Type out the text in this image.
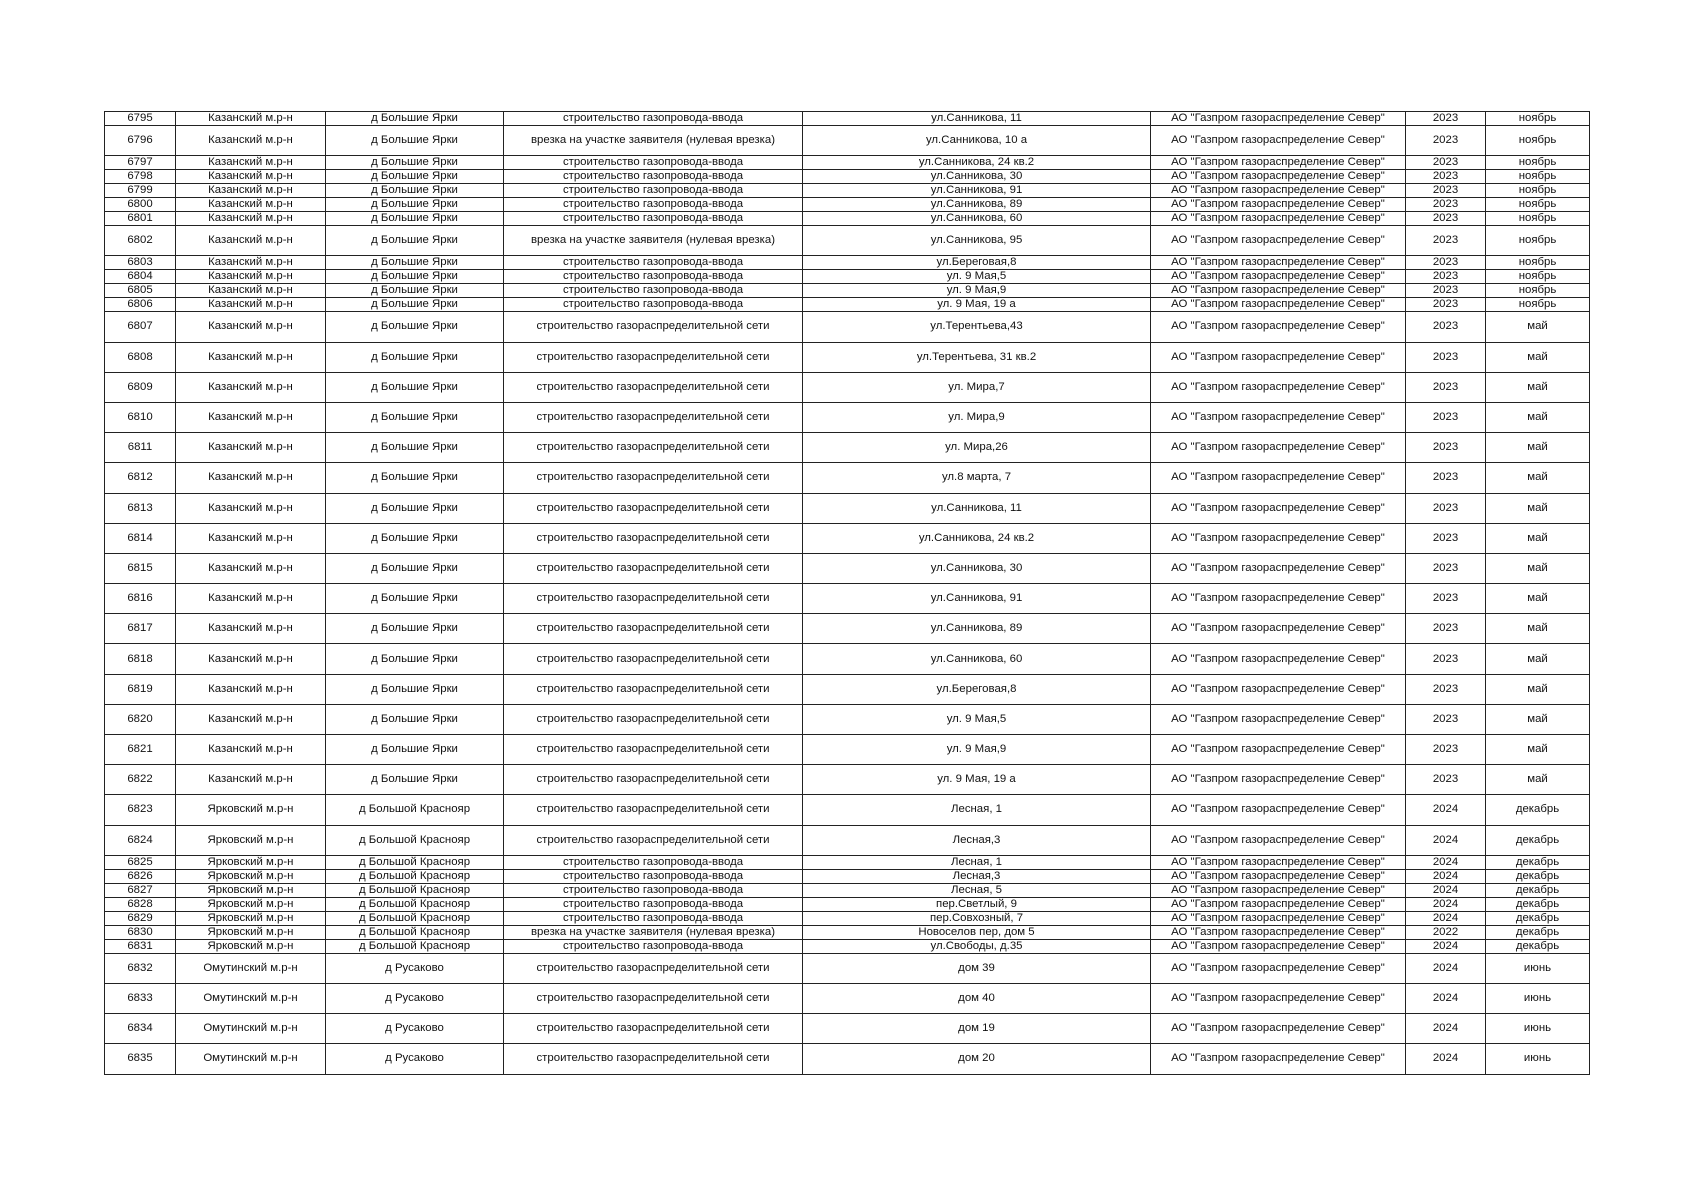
6795	Казанский м.р-н	д Большие Ярки	строительство газопровода-ввода	ул.Санникова, 11	АО "Газпром газораспределение Север"	2023	ноябрь
6796	Казанский м.р-н	д Большие Ярки	врезка на участке заявителя (нулевая врезка)	ул.Санникова, 10 а	АО "Газпром газораспределение Север"	2023	ноябрь
6797	Казанский м.р-н	д Большие Ярки	строительство газопровода-ввода	ул.Санникова, 24 кв.2	АО "Газпром газораспределение Север"	2023	ноябрь
6798	Казанский м.р-н	д Большие Ярки	строительство газопровода-ввода	ул.Санникова, 30	АО "Газпром газораспределение Север"	2023	ноябрь
6799	Казанский м.р-н	д Большие Ярки	строительство газопровода-ввода	ул.Санникова, 91	АО "Газпром газораспределение Север"	2023	ноябрь
6800	Казанский м.р-н	д Большие Ярки	строительство газопровода-ввода	ул.Санникова, 89	АО "Газпром газораспределение Север"	2023	ноябрь
6801	Казанский м.р-н	д Большие Ярки	строительство газопровода-ввода	ул.Санникова, 60	АО "Газпром газораспределение Север"	2023	ноябрь
6802	Казанский м.р-н	д Большие Ярки	врезка на участке заявителя (нулевая врезка)	ул.Санникова, 95	АО "Газпром газораспределение Север"	2023	ноябрь
6803	Казанский м.р-н	д Большие Ярки	строительство газопровода-ввода	ул.Береговая,8	АО "Газпром газораспределение Север"	2023	ноябрь
6804	Казанский м.р-н	д Большие Ярки	строительство газопровода-ввода	ул. 9 Мая,5	АО "Газпром газораспределение Север"	2023	ноябрь
6805	Казанский м.р-н	д Большие Ярки	строительство газопровода-ввода	ул. 9 Мая,9	АО "Газпром газораспределение Север"	2023	ноябрь
6806	Казанский м.р-н	д Большие Ярки	строительство газопровода-ввода	ул. 9 Мая, 19 а	АО "Газпром газораспределение Север"	2023	ноябрь
6807	Казанский м.р-н	д Большие Ярки	строительство газораспределительной сети	ул.Терентьева,43	АО "Газпром газораспределение Север"	2023	май
6808	Казанский м.р-н	д Большие Ярки	строительство газораспределительной сети	ул.Терентьева, 31 кв.2	АО "Газпром газораспределение Север"	2023	май
6809	Казанский м.р-н	д Большие Ярки	строительство газораспределительной сети	ул. Мира,7	АО "Газпром газораспределение Север"	2023	май
6810	Казанский м.р-н	д Большие Ярки	строительство газораспределительной сети	ул. Мира,9	АО "Газпром газораспределение Север"	2023	май
6811	Казанский м.р-н	д Большие Ярки	строительство газораспределительной сети	ул. Мира,26	АО "Газпром газораспределение Север"	2023	май
6812	Казанский м.р-н	д Большие Ярки	строительство газораспределительной сети	ул.8 марта, 7	АО "Газпром газораспределение Север"	2023	май
6813	Казанский м.р-н	д Большие Ярки	строительство газораспределительной сети	ул.Санникова, 11	АО "Газпром газораспределение Север"	2023	май
6814	Казанский м.р-н	д Большие Ярки	строительство газораспределительной сети	ул.Санникова, 24 кв.2	АО "Газпром газораспределение Север"	2023	май
6815	Казанский м.р-н	д Большие Ярки	строительство газораспределительной сети	ул.Санникова, 30	АО "Газпром газораспределение Север"	2023	май
6816	Казанский м.р-н	д Большие Ярки	строительство газораспределительной сети	ул.Санникова, 91	АО "Газпром газораспределение Север"	2023	май
6817	Казанский м.р-н	д Большие Ярки	строительство газораспределительной сети	ул.Санникова, 89	АО "Газпром газораспределение Север"	2023	май
6818	Казанский м.р-н	д Большие Ярки	строительство газораспределительной сети	ул.Санникова, 60	АО "Газпром газораспределение Север"	2023	май
6819	Казанский м.р-н	д Большие Ярки	строительство газораспределительной сети	ул.Береговая,8	АО "Газпром газораспределение Север"	2023	май
6820	Казанский м.р-н	д Большие Ярки	строительство газораспределительной сети	ул. 9 Мая,5	АО "Газпром газораспределение Север"	2023	май
6821	Казанский м.р-н	д Большие Ярки	строительство газораспределительной сети	ул. 9 Мая,9	АО "Газпром газораспределение Север"	2023	май
6822	Казанский м.р-н	д Большие Ярки	строительство газораспределительной сети	ул. 9 Мая, 19 а	АО "Газпром газораспределение Север"	2023	май
6823	Ярковский м.р-н	д Большой Краснояр	строительство газораспределительной сети	Лесная, 1	АО "Газпром газораспределение Север"	2024	декабрь
6824	Ярковский м.р-н	д Большой Краснояр	строительство газораспределительной сети	Лесная,3	АО "Газпром газораспределение Север"	2024	декабрь
6825	Ярковский м.р-н	д Большой Краснояр	строительство газопровода-ввода	Лесная, 1	АО "Газпром газораспределение Север"	2024	декабрь
6826	Ярковский м.р-н	д Большой Краснояр	строительство газопровода-ввода	Лесная,3	АО "Газпром газораспределение Север"	2024	декабрь
6827	Ярковский м.р-н	д Большой Краснояр	строительство газопровода-ввода	Лесная, 5	АО "Газпром газораспределение Север"	2024	декабрь
6828	Ярковский м.р-н	д Большой Краснояр	строительство газопровода-ввода	пер.Светлый, 9	АО "Газпром газораспределение Север"	2024	декабрь
6829	Ярковский м.р-н	д Большой Краснояр	строительство газопровода-ввода	пер.Совхозный, 7	АО "Газпром газораспределение Север"	2024	декабрь
6830	Ярковский м.р-н	д Большой Краснояр	врезка на участке заявителя (нулевая врезка)	Новоселов пер, дом 5	АО "Газпром газораспределение Север"	2022	декабрь
6831	Ярковский м.р-н	д Большой Краснояр	строительство газопровода-ввода	ул.Свободы, д.35	АО "Газпром газораспределение Север"	2024	декабрь
6832	Омутинский м.р-н	д Русаково	строительство газораспределительной сети	дом 39	АО "Газпром газораспределение Север"	2024	июнь
6833	Омутинский м.р-н	д Русаково	строительство газораспределительной сети	дом 40	АО "Газпром газораспределение Север"	2024	июнь
6834	Омутинский м.р-н	д Русаково	строительство газораспределительной сети	дом 19	АО "Газпром газораспределение Север"	2024	июнь
6835	Омутинский м.р-н	д Русаково	строительство газораспределительной сети	дом 20	АО "Газпром газораспределение Север"	2024	июнь
